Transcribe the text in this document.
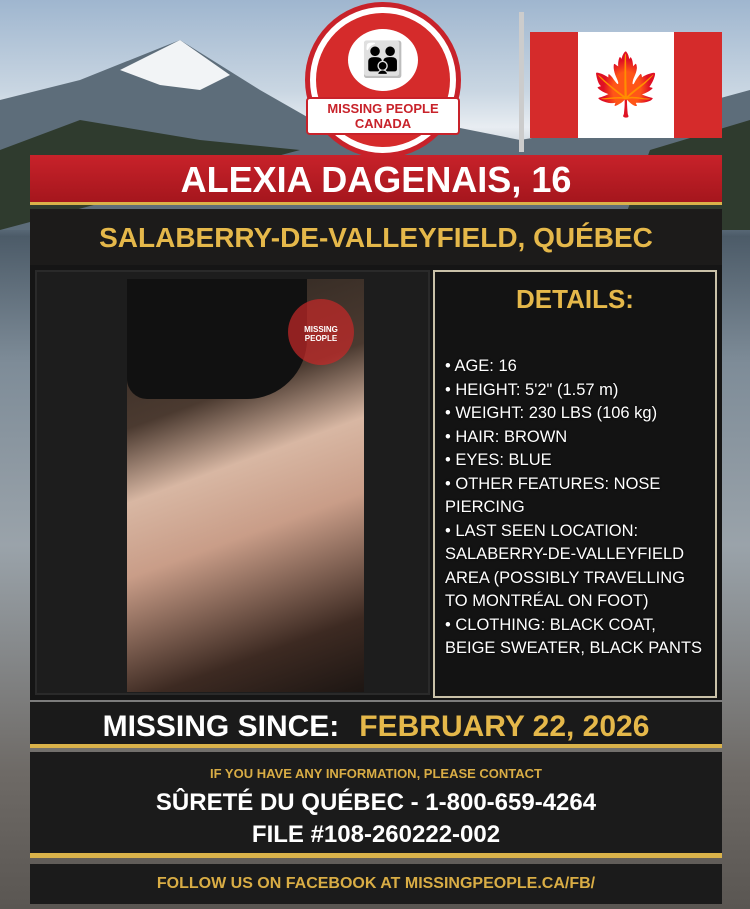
👪
MISSING PEOPLE
CANADA
🍁
ALEXIA DAGENAIS, 16
SALABERRY-DE-VALLEYFIELD, QUÉBEC
MISSING PEOPLE
DETAILS:
• AGE: 16
• HEIGHT: 5'2" (1.57 m)
• WEIGHT: 230 LBS (106 kg)
• HAIR: BROWN
• EYES: BLUE
• OTHER FEATURES: NOSE PIERCING
• LAST SEEN LOCATION: SALABERRY-DE-VALLEYFIELD AREA (POSSIBLY TRAVELLING TO MONTRÉAL ON FOOT)
• CLOTHING: BLACK COAT, BEIGE SWEATER, BLACK PANTS
MISSING SINCE: FEBRUARY 22, 2026
IF YOU HAVE ANY INFORMATION, PLEASE CONTACT
SÛRETÉ DU QUÉBEC - 1-800-659-4264
FILE #108-260222-002
FOLLOW US ON FACEBOOK AT MISSINGPEOPLE.CA/FB/
